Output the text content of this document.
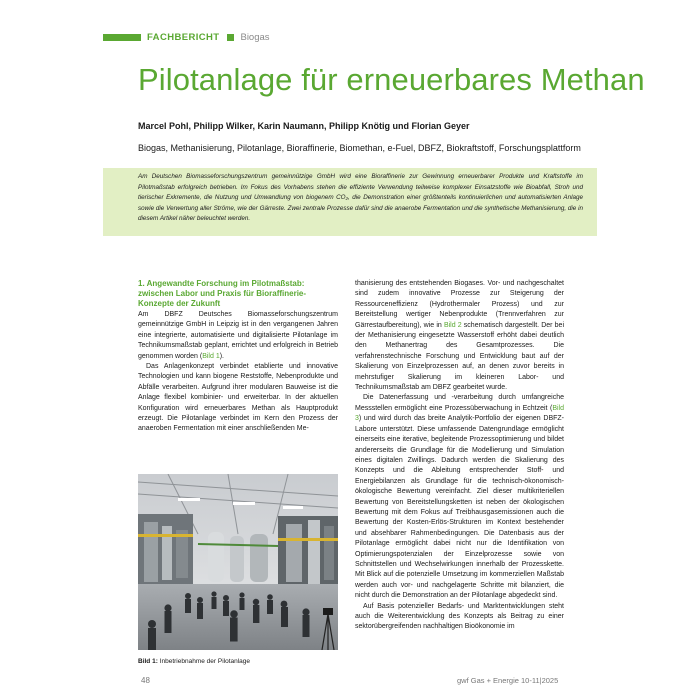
FACHBERICHT Biogas
Pilotanlage für erneuerbares Methan
Marcel Pohl, Philipp Wilker, Karin Naumann, Philipp Knötig und Florian Geyer
Biogas, Methanisierung, Pilotanlage, Bioraffinerie, Biomethan, e-Fuel, DBFZ, Biokraftstoff, Forschungsplattform
Am Deutschen Biomasseforschungszentrum gemeinnützige GmbH wird eine Bioraffinerie zur Gewinnung erneuerbarer Produkte und Kraftstoffe im Pilotmaßstab erfolgreich betrieben. Im Fokus des Vorhabens stehen die effiziente Verwendung teilweise komplexer Einsatzstoffe wie Bioabfall, Stroh und tierischer Exkremente, die Nutzung und Umwandlung von biogenem CO₂, die Demonstration einer größtenteils kontinuierlichen und automatisierten Anlage sowie die Verwertung aller Ströme, wie der Gärreste. Zwei zentrale Prozesse dafür sind die anaerobe Fermentation und die synthetische Methanisierung, die in diesem Artikel näher beleuchtet werden.
1. Angewandte Forschung im Pilotmaßstab: zwischen Labor und Praxis für Bioraffinerie-Konzepte der Zukunft

Am DBFZ Deutsches Biomasseforschungszentrum gemeinnützige GmbH in Leipzig ist in den vergangenen Jahren eine integrierte, automatisierte und digitalisierte Pilotanlage im Technikumsmaßstab geplant, errichtet und erfolgreich in Betrieb genommen worden (Bild 1).

Das Anlagenkonzept verbindet etablierte und innovative Technologien und kann biogene Reststoffe, Nebenprodukte und Abfälle verarbeiten. Aufgrund ihrer modularen Bauweise ist die Anlage flexibel kombinier- und erweiterbar. In der aktuellen Konfiguration wird erneuerbares Methan als Hauptprodukt erzeugt. Die Pilotanlage verbindet im Kern den Prozess der anaeroben Fermentation mit einer anschließenden Me-

Bild 1: Inbetriebnahme der Pilotanlage

thanisierung des entstehenden Biogases. Vor- und nachgeschaltet sind zudem innovative Prozesse zur Steigerung der Ressourceneffizienz (Hydrothermaler Prozess) und zur Bereitstellung wertiger Nebenprodukte (Trennverfahren zur Gärrestaufbereitung), wie in Bild 2 schematisch dargestellt. Der bei der Methanisierung eingesetzte Wasserstoff erhöht dabei deutlich den Methanertrag des Gesamtprozesses. Die verfahrenstechnische Forschung und Entwicklung baut auf der Skalierung von Einzelprozessen auf, an denen zuvor bereits in mehrstufiger Skalierung im kleineren Labor- und Technikumsmaßstab am DBFZ gearbeitet wurde.

Die Datenerfassung und -verarbeitung durch umfangreiche Messstellen ermöglicht eine Prozessüberwachung in Echtzeit (Bild 3) und wird durch das breite Analytik-Portfolio der eigenen DBFZ-Labore unterstützt. Diese umfassende Datengrundlage ermöglicht einerseits eine iterative, begleitende Prozessoptimierung und bildet andererseits die Grundlage für die Modellierung und Simulation eines digitalen Zwillings. Dadurch werden die Skalierung des Konzepts und die Ableitung entsprechender Stoff- und Energiebilanzen als Grundlage für die technisch-ökonomisch-ökologische Bewertung vereinfacht. Ziel dieser multikriteriellen Bewertung von Bereitstellungsketten ist neben der ökologischen Bewertung mit dem Fokus auf Treibhausgasemissionen auch die Bewertung der Kosten-Erlös-Strukturen im Kontext bestehender und absehbarer Rahmenbedingungen. Die Datenbasis aus der Pilotanlage ermöglicht dabei nicht nur die Identifikation von Optimierungspotenzialen der Einzelprozesse sowie von Schnittstellen und Wechselwirkungen innerhalb der Prozesskette. Mit Blick auf die potenzielle Umsetzung im kommerziellen Maßstab werden auch vor- und nachgelagerte Schritte mit bilanziert, die nicht durch die Demonstration an der Pilotanlage abgedeckt sind.

Auf Basis potenzieller Bedarfs- und Marktentwicklungen steht auch die Weiterentwicklung des Konzepts als Beitrag zu einer sektorübergreifenden nachhaltigen Bioökonomie im

48	gwf Gas + Energie 10-11|2025
